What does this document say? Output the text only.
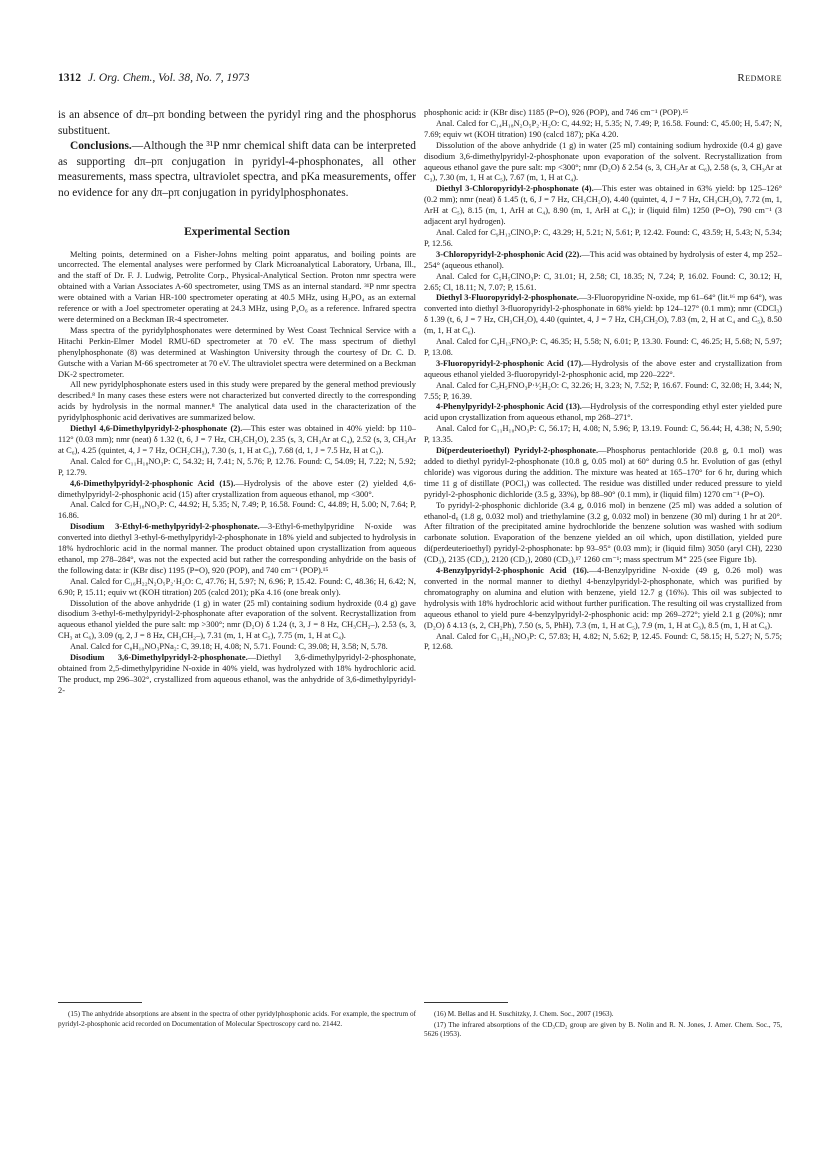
1312 J. Org. Chem., Vol. 38, No. 7, 1973	Redmore

is an absence of dπ–pπ bonding between the pyridyl ring and the phosphorus substituent.

Conclusions.—Although the ³¹P nmr chemical shift data can be interpreted as supporting dπ–pπ conjugation in pyridyl-4-phosphonates, all other measurements, mass spectra, ultraviolet spectra, and pKa measurements, offer no evidence for any dπ–pπ conjugation in pyridylphosphonates.

Experimental Section

Melting points, determined on a Fisher-Johns melting point apparatus, and boiling points are uncorrected. The elemental analyses were performed by Clark Microanalytical Laboratory, Urbana, Ill., and the staff of Dr. F. J. Ludwig, Petrolite Corp., Physical-Analytical Section. Proton nmr spectra were obtained with a Varian Associates A-60 spectrometer, using TMS as an internal standard. ³¹P nmr spectra were obtained with a Varian HR-100 spectrometer operating at 40.5 MHz, using H₃PO₄ as an external reference or with a Joel spectrometer operating at 24.3 MHz, using P₄O₆ as a reference. Infrared spectra were determined on a Beckman IR-4 spectrometer.

Mass spectra of the pyridylphosphonates were determined by West Coast Technical Service with a Hitachi Perkin-Elmer Model RMU-6D spectrometer at 70 eV. The mass spectrum of diethyl phenylphosphonate (8) was determined at Washington University through the courtesy of Dr. C. D. Gutsche with a Varian M-66 spectrometer at 70 eV. The ultraviolet spectra were determined on a Beckman DK-2 spectrometer.

All new pyridylphosphonate esters used in this study were prepared by the general method previously described.⁸ In many cases these esters were not characterized but converted directly to the corresponding acids by hydrolysis in the normal manner.⁸ The analytical data used in the characterization of the pyridylphosphonic acid derivatives are summarized below.

Diethyl 4,6-Dimethylpyridyl-2-phosphonate (2).—This ester was obtained in 40% yield: bp 110–112° (0.03 mm); nmr (neat) δ 1.32 (t, 6, J = 7 Hz, CH₃CH₂O), 2.35 (s, 3, CH₃Ar at C₄), 2.52 (s, 3, CH₃Ar at C₆), 4.25 (quintet, 4, J = 7 Hz, OCH₂CH₃), 7.30 (s, 1, H at C₅), 7.68 (d, 1, J = 7.5 Hz, H at C₃).

Anal. Calcd for C₁₁H₁₈NO₃P: C, 54.32; H, 7.41; N, 5.76; P, 12.76. Found: C, 54.09; H, 7.22; N, 5.92; P, 12.79.

4,6-Dimethylpyridyl-2-phosphonic Acid (15).—Hydrolysis of the above ester (2) yielded 4,6-dimethylpyridyl-2-phosphonic acid (15) after crystallization from aqueous ethanol, mp <300°.

Anal. Calcd for C₇H₁₀NO₃P: C, 44.92; H, 5.35; N, 7.49; P, 16.58. Found: C, 44.89; H, 5.00; N, 7.64; P, 16.86.

Disodium 3-Ethyl-6-methylpyridyl-2-phosphonate.—3-Ethyl-6-methylpyridine N-oxide was converted into diethyl 3-ethyl-6-methylpyridyl-2-phosphonate in 18% yield and subjected to hydrolysis in 18% hydrochloric acid in the normal manner. The product obtained upon crystallization from aqueous ethanol, mp 278–284°, was not the expected acid but rather the corresponding anhydride on the basis of the following data: ir (KBr disc) 1195 (P=O), 920 (POP), and 740 cm⁻¹ (POP).¹⁵

Anal. Calcd for C₁₆H₂₂N₂O₅P₂·H₂O: C, 47.76; H, 5.97; N, 6.96; P, 15.42. Found: C, 48.36; H, 6.42; N, 6.90; P, 15.11; equiv wt (KOH titration) 205 (calcd 201); pKa 4.16 (one break only).

Dissolution of the above anhydride (1 g) in water (25 ml) containing sodium hydroxide (0.4 g) gave disodium 3-ethyl-6-methylpyridyl-2-phosphonate after evaporation of the solvent. Recrystallization from aqueous ethanol yielded the pure salt: mp >300°; nmr (D₂O) δ 1.24 (t, 3, J = 8 Hz, CH₃CH₂–), 2.53 (s, 3, CH₃ at C₆), 3.09 (q, 2, J = 8 Hz, CH₃CH₂–), 7.31 (m, 1, H at C₅), 7.75 (m, 1, H at C₄).

Anal. Calcd for C₈H₁₀NO₃PNa₂: C, 39.18; H, 4.08; N, 5.71. Found: C, 39.08; H, 3.58; N, 5.78.

Disodium 3,6-Dimethylpyridyl-2-phosphonate.—Diethyl 3,6-dimethylpyridyl-2-phosphonate, obtained from 2,5-dimethylpyridine N-oxide in 40% yield, was hydrolyzed with 18% hydrochloric acid. The product, mp 296–302°, crystallized from aqueous ethanol, was the anhydride of 3,6-dimethylpyridyl-2-

phosphonic acid: ir (KBr disc) 1185 (P=O), 926 (POP), and 746 cm⁻¹ (POP).¹⁵

Anal. Calcd for C₁₄H₁₈N₂O₅P₂·H₂O: C, 44.92; H, 5.35; N, 7.49; P, 16.58. Found: C, 45.00; H, 5.47; N, 7.69; equiv wt (KOH titration) 190 (calcd 187); pKa 4.20.

Dissolution of the above anhydride (1 g) in water (25 ml) containing sodium hydroxide (0.4 g) gave disodium 3,6-dimethylpyridyl-2-phosphonate upon evaporation of the solvent. Recrystallization from aqueous ethanol gave the pure salt: mp <300°; nmr (D₂O) δ 2.54 (s, 3, CH₃Ar at C₆), 2.58 (s, 3, CH₃Ar at C₃), 7.30 (m, 1, H at C₅), 7.67 (m, 1, H at C₄).

Diethyl 3-Chloropyridyl-2-phosphonate (4).—This ester was obtained in 63% yield: bp 125–126° (0.2 mm); nmr (neat) δ 1.45 (t, 6, J = 7 Hz, CH₃CH₂O), 4.40 (quintet, 4, J = 7 Hz, CH₃CH₂O), 7.72 (m, 1, ArH at C₅), 8.15 (m, 1, ArH at C₄), 8.90 (m, 1, ArH at C₆); ir (liquid film) 1250 (P=O), 790 cm⁻¹ (3 adjacent aryl hydrogen).

Anal. Calcd for C₉H₁₃ClNO₃P: C, 43.29; H, 5.21; N, 5.61; P, 12.42. Found: C, 43.59; H, 5.43; N, 5.34; P, 12.56.

3-Chloropyridyl-2-phosphonic Acid (22).—This acid was obtained by hydrolysis of ester 4, mp 252–254° (aqueous ethanol).

Anal. Calcd for C₅H₅ClNO₃P: C, 31.01; H, 2.58; Cl, 18.35; N, 7.24; P, 16.02. Found: C, 30.12; H, 2.65; Cl, 18.11; N, 7.07; P, 15.61.

Diethyl 3-Fluoropyridyl-2-phosphonate.—3-Fluoropyridine N-oxide, mp 61–64° (lit.¹⁶ mp 64°), was converted into diethyl 3-fluoropyridyl-2-phosphonate in 68% yield: bp 124–127° (0.1 mm); nmr (CDCl₃) δ 1.39 (t, 6, J = 7 Hz, CH₃CH₂O), 4.40 (quintet, 4, J = 7 Hz, CH₃CH₂O), 7.83 (m, 2, H at C₄ and C₅), 8.50 (m, 1, H at C₆).

Anal. Calcd for C₉H₁₃FNO₃P: C, 46.35; H, 5.58; N, 6.01; P, 13.30. Found: C, 46.25; H, 5.68; N, 5.97; P, 13.08.

3-Fluoropyridyl-2-phosphonic Acid (17).—Hydrolysis of the above ester and crystallization from aqueous ethanol yielded 3-fluoropyridyl-2-phosphonic acid, mp 220–222°.

Anal. Calcd for C₅H₅FNO₃P·¹⁄₂H₂O: C, 32.26; H, 3.23; N, 7.52; P, 16.67. Found: C, 32.08; H, 3.44; N, 7.55; P, 16.39.

4-Phenylpyridyl-2-phosphonic Acid (13).—Hydrolysis of the corresponding ethyl ester yielded pure acid upon crystallization from aqueous ethanol, mp 268–271°.

Anal. Calcd for C₁₁H₁₀NO₃P: C, 56.17; H, 4.08; N, 5.96; P, 13.19. Found: C, 56.44; H, 4.38; N, 5.90; P, 13.35.

Di(perdeuterioethyl) Pyridyl-2-phosphonate.—Phosphorus pentachloride (20.8 g, 0.1 mol) was added to diethyl pyridyl-2-phosphonate (10.8 g, 0.05 mol) at 60° during 0.5 hr. Evolution of gas (ethyl chloride) was vigorous during the addition. The mixture was heated at 165–170° for 6 hr, during which time 11 g of distillate (POCl₃) was collected. The residue was distilled under reduced pressure to yield pyridyl-2-phosphonic dichloride (3.5 g, 33%), bp 88–90° (0.1 mm), ir (liquid film) 1270 cm⁻¹ (P=O).

To pyridyl-2-phosphonic dichloride (3.4 g, 0.016 mol) in benzene (25 ml) was added a solution of ethanol-d₆ (1.8 g, 0.032 mol) and triethylamine (3.2 g, 0.032 mol) in benzene (30 ml) during 1 hr at 20°. After filtration of the precipitated amine hydrochloride the benzene solution was washed with sodium carbonate solution. Evaporation of the benzene yielded an oil which, upon distillation, yielded pure di(perdeuterioethyl) pyridyl-2-phosphonate: bp 93–95° (0.03 mm); ir (liquid film) 3050 (aryl CH), 2230 (CD₃), 2135 (CD₂), 2120 (CD₂), 2080 (CD₃),¹⁷ 1260 cm⁻¹; mass spectrum M⁺ 225 (see Figure 1b).

4-Benzylpyridyl-2-phosphonic Acid (16).—4-Benzylpyridine N-oxide (49 g, 0.26 mol) was converted in the normal manner to diethyl 4-benzylpyridyl-2-phosphonate, which was purified by chromatography on alumina and elution with benzene, yield 12.7 g (16%). This oil was subjected to hydrolysis with 18% hydrochloric acid without further purification. The resulting oil was crystallized from aqueous ethanol to yield pure 4-benzylpyridyl-2-phosphonic acid: mp 269–272°; yield 2.1 g (20%); nmr (D₂O) δ 4.13 (s, 2, CH₂Ph), 7.50 (s, 5, PhH), 7.3 (m, 1, H at C₅), 7.9 (m, 1, H at C₃), 8.5 (m, 1, H at C₆).

Anal. Calcd for C₁₂H₁₂NO₃P: C, 57.83; H, 4.82; N, 5.62; P, 12.45. Found: C, 58.15; H, 5.27; N, 5.75; P, 12.68.

(15) The anhydride absorptions are absent in the spectra of other pyridylphosphonic acids. For example, the spectrum of pyridyl-2-phosphonic acid recorded on Documentation of Molecular Spectroscopy card no. 21442.

(16) M. Bellas and H. Suschitzky, J. Chem. Soc., 2007 (1963).

(17) The infrared absorptions of the CD₃CD₂ group are given by B. Nolin and R. N. Jones, J. Amer. Chem. Soc., 75, 5626 (1953).
